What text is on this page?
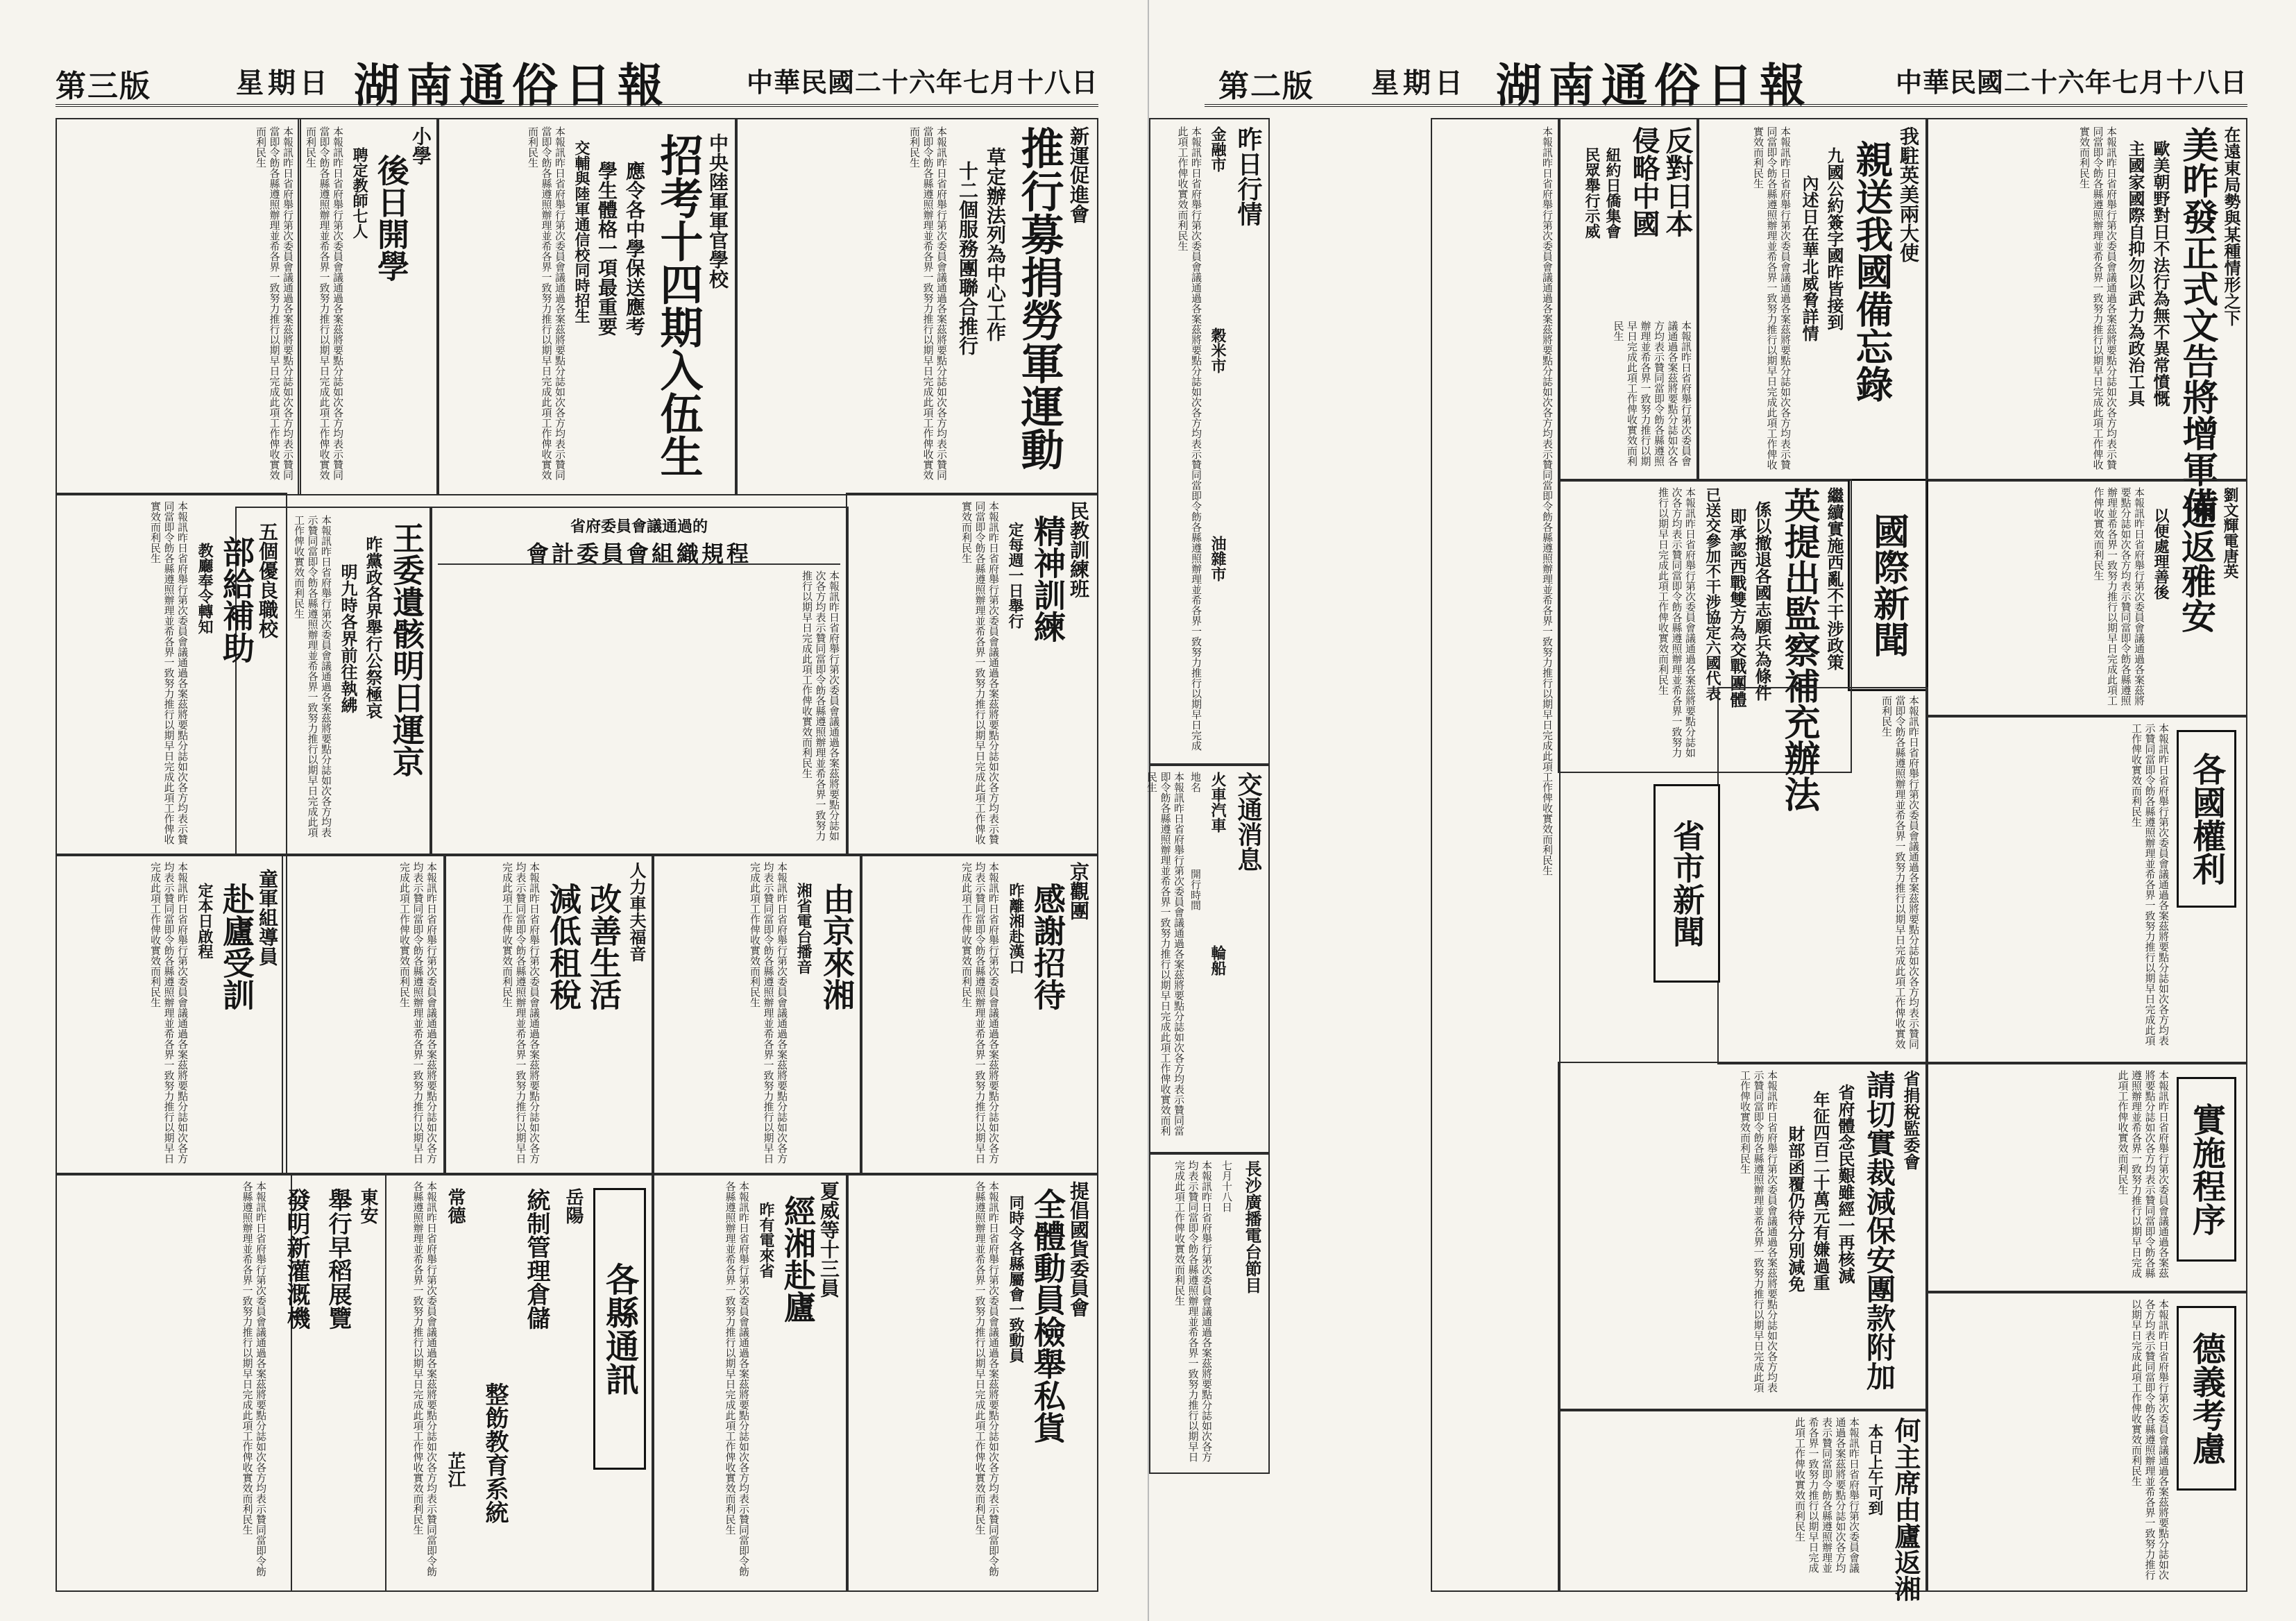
第三版	星期日 湖南通俗日報	中華民國二十六年七月十八日
新運促進會
推行募捐勞軍運動
草定辦法列為中心工作
十二個服務團聯合推行
本報訊昨日省府舉行第次委員會議通過各案茲將要點分誌如次各方均表示贊同當即令飭各縣遵照辦理並希各界一致努力推行以期早日完成此項工作俾收實效而利民生
中央陸軍軍官學校
招考十四期入伍生
應令各中學保送應考
學生體格一項最重要
交輔與陸軍通信校同時招生
本報訊昨日省府舉行第次委員會議通過各案茲將要點分誌如次各方均表示贊同當即令飭各縣遵照辦理並希各界一致努力推行以期早日完成此項工作俾收實效而利民生
小學
後日開學
聘定教師七人
本報訊昨日省府舉行第次委員會議通過各案茲將要點分誌如次各方均表示贊同當即令飭各縣遵照辦理並希各界一致努力推行以期早日完成此項工作俾收實效而利民生
本報訊昨日省府舉行第次委員會議通過各案茲將要點分誌如次各方均表示贊同當即令飭各縣遵照辦理並希各界一致努力推行以期早日完成此項工作俾收實效而利民生
民教訓練班
精神訓練
定每週一日舉行
本報訊昨日省府舉行第次委員會議通過各案茲將要點分誌如次各方均表示贊同當即令飭各縣遵照辦理並希各界一致努力推行以期早日完成此項工作俾收實效而利民生
省府委員會議通過的
會計委員會組織規程
本報訊昨日省府舉行第次委員會議通過各案茲將要點分誌如次各方均表示贊同當即令飭各縣遵照辦理並希各界一致努力推行以期早日完成此項工作俾收實效而利民生
王委遺骸明日運京
昨黨政各界舉行公祭極哀
明九時各界前往執紼
本報訊昨日省府舉行第次委員會議通過各案茲將要點分誌如次各方均表示贊同當即令飭各縣遵照辦理並希各界一致努力推行以期早日完成此項工作俾收實效而利民生
五個優良職校
部給補助
教廳奉令轉知
本報訊昨日省府舉行第次委員會議通過各案茲將要點分誌如次各方均表示贊同當即令飭各縣遵照辦理並希各界一致努力推行以期早日完成此項工作俾收實效而利民生
童軍組導員
赴廬受訓
定本日啟程
本報訊昨日省府舉行第次委員會議通過各案茲將要點分誌如次各方均表示贊同當即令飭各縣遵照辦理並希各界一致努力推行以期早日完成此項工作俾收實效而利民生	京觀團
感謝招待
昨離湘赴漢口
本報訊昨日省府舉行第次委員會議通過各案茲將要點分誌如次各方均表示贊同當即令飭各縣遵照辦理並希各界一致努力推行以期早日完成此項工作俾收實效而利民生
由京來湘
湘省電台播音
本報訊昨日省府舉行第次委員會議通過各案茲將要點分誌如次各方均表示贊同當即令飭各縣遵照辦理並希各界一致努力推行以期早日完成此項工作俾收實效而利民生
人力車夫福音
改善生活
減低租稅
本報訊昨日省府舉行第次委員會議通過各案茲將要點分誌如次各方均表示贊同當即令飭各縣遵照辦理並希各界一致努力推行以期早日完成此項工作俾收實效而利民生
本報訊昨日省府舉行第次委員會議通過各案茲將要點分誌如次各方均表示贊同當即令飭各縣遵照辦理並希各界一致努力推行以期早日完成此項工作俾收實效而利民生
提倡國貨委員會
全體動員檢舉私貨
同時令各縣屬會一致動員
本報訊昨日省府舉行第次委員會議通過各案茲將要點分誌如次各方均表示贊同當即令飭各縣遵照辦理並希各界一致努力推行以期早日完成此項工作俾收實效而利民生
夏威等十三員
經湘赴廬
昨有電來省
本報訊昨日省府舉行第次委員會議通過各案茲將要點分誌如次各方均表示贊同當即令飭各縣遵照辦理並希各界一致努力推行以期早日完成此項工作俾收實效而利民生
各縣通訊
岳陽
統制管理倉儲
整飭教育系統
常德
芷江
本報訊昨日省府舉行第次委員會議通過各案茲將要點分誌如次各方均表示贊同當即令飭各縣遵照辦理並希各界一致努力推行以期早日完成此項工作俾收實效而利民生
東安
舉行早稻展覽
發明新灌溉機
本報訊昨日省府舉行第次委員會議通過各案茲將要點分誌如次各方均表示贊同當即令飭各縣遵照辦理並希各界一致努力推行以期早日完成此項工作俾收實效而利民生
第二版 星期日 湖南通俗日報	中華民國二十六年七月十八日
昨日行情
金融市
穀米市
油雜市
本報訊昨日省府舉行第次委員會議通過各案茲將要點分誌如次各方均表示贊同當即令飭各縣遵照辦理並希各界一致努力推行以期早日完成此項工作俾收實效而利民生
交通消息
火車汽車
輪船
地名
開行時間
本報訊昨日省府舉行第次委員會議通過各案茲將要點分誌如次各方均表示贊同當即令飭各縣遵照辦理並希各界一致努力推行以期早日完成此項工作俾收實效而利民生
長沙廣播電台節目
七月十八日
本報訊昨日省府舉行第次委員會議通過各案茲將要點分誌如次各方均表示贊同當即令飭各縣遵照辦理並希各界一致努力推行以期早日完成此項工作俾收實效而利民生
在遠東局勢與某種情形之下
美昨發正式文告將增軍備
歐美朝野對日不法行為無不異常憤慨
主國家國際自抑勿以武力為政治工具
本報訊昨日省府舉行第次委員會議通過各案茲將要點分誌如次各方均表示贊同當即令飭各縣遵照辦理並希各界一致努力推行以期早日完成此項工作俾收實效而利民生
我駐英美兩大使
親送我國備忘錄
九國公約簽字國昨皆接到
內述日在華北威脅詳情
本報訊昨日省府舉行第次委員會議通過各案茲將要點分誌如次各方均表示贊同當即令飭各縣遵照辦理並希各界一致努力推行以期早日完成此項工作俾收實效而利民生
反對日本
侵略中國
紐約日僑集會
民眾舉行示威
本報訊昨日省府舉行第次委員會議通過各案茲將要點分誌如次各方均表示贊同當即令飭各縣遵照辦理並希各界一致努力推行以期早日完成此項工作俾收實效而利民生
國際新聞
繼續實施西亂不干涉政策
英提出監察補充辦法
係以撤退各國志願兵為條件
即承認西戰雙方為交戰團體
已送交參加不干涉協定六國代表
本報訊昨日省府舉行第次委員會議通過各案茲將要點分誌如次各方均表示贊同當即令飭各縣遵照辦理並希各界一致努力推行以期早日完成此項工作俾收實效而利民生	劉文輝電唐英
速返雅安
以便處理善後
本報訊昨日省府舉行第次委員會議通過各案茲將要點分誌如次各方均表示贊同當即令飭各縣遵照辦理並希各界一致努力推行以期早日完成此項工作俾收實效而利民生
各國權利
本報訊昨日省府舉行第次委員會議通過各案茲將要點分誌如次各方均表示贊同當即令飭各縣遵照辦理並希各界一致努力推行以期早日完成此項工作俾收實效而利民生
實施程序
本報訊昨日省府舉行第次委員會議通過各案茲將要點分誌如次各方均表示贊同當即令飭各縣遵照辦理並希各界一致努力推行以期早日完成此項工作俾收實效而利民生
德義考慮
本報訊昨日省府舉行第次委員會議通過各案茲將要點分誌如次各方均表示贊同當即令飭各縣遵照辦理並希各界一致努力推行以期早日完成此項工作俾收實效而利民生
本報訊昨日省府舉行第次委員會議通過各案茲將要點分誌如次各方均表示贊同當即令飭各縣遵照辦理並希各界一致努力推行以期早日完成此項工作俾收實效而利民生
省市新聞
省捐稅監委會
請切實裁減保安團款附加
省府體念民艱雖經一再核減
年征四百二十萬元有嫌過重
財部函覆仍待分別減免
本報訊昨日省府舉行第次委員會議通過各案茲將要點分誌如次各方均表示贊同當即令飭各縣遵照辦理並希各界一致努力推行以期早日完成此項工作俾收實效而利民生
何主席由廬返湘
本日上午可到
本報訊昨日省府舉行第次委員會議通過各案茲將要點分誌如次各方均表示贊同當即令飭各縣遵照辦理並希各界一致努力推行以期早日完成此項工作俾收實效而利民生
本報訊昨日省府舉行第次委員會議通過各案茲將要點分誌如次各方均表示贊同當即令飭各縣遵照辦理並希各界一致努力推行以期早日完成此項工作俾收實效而利民生
